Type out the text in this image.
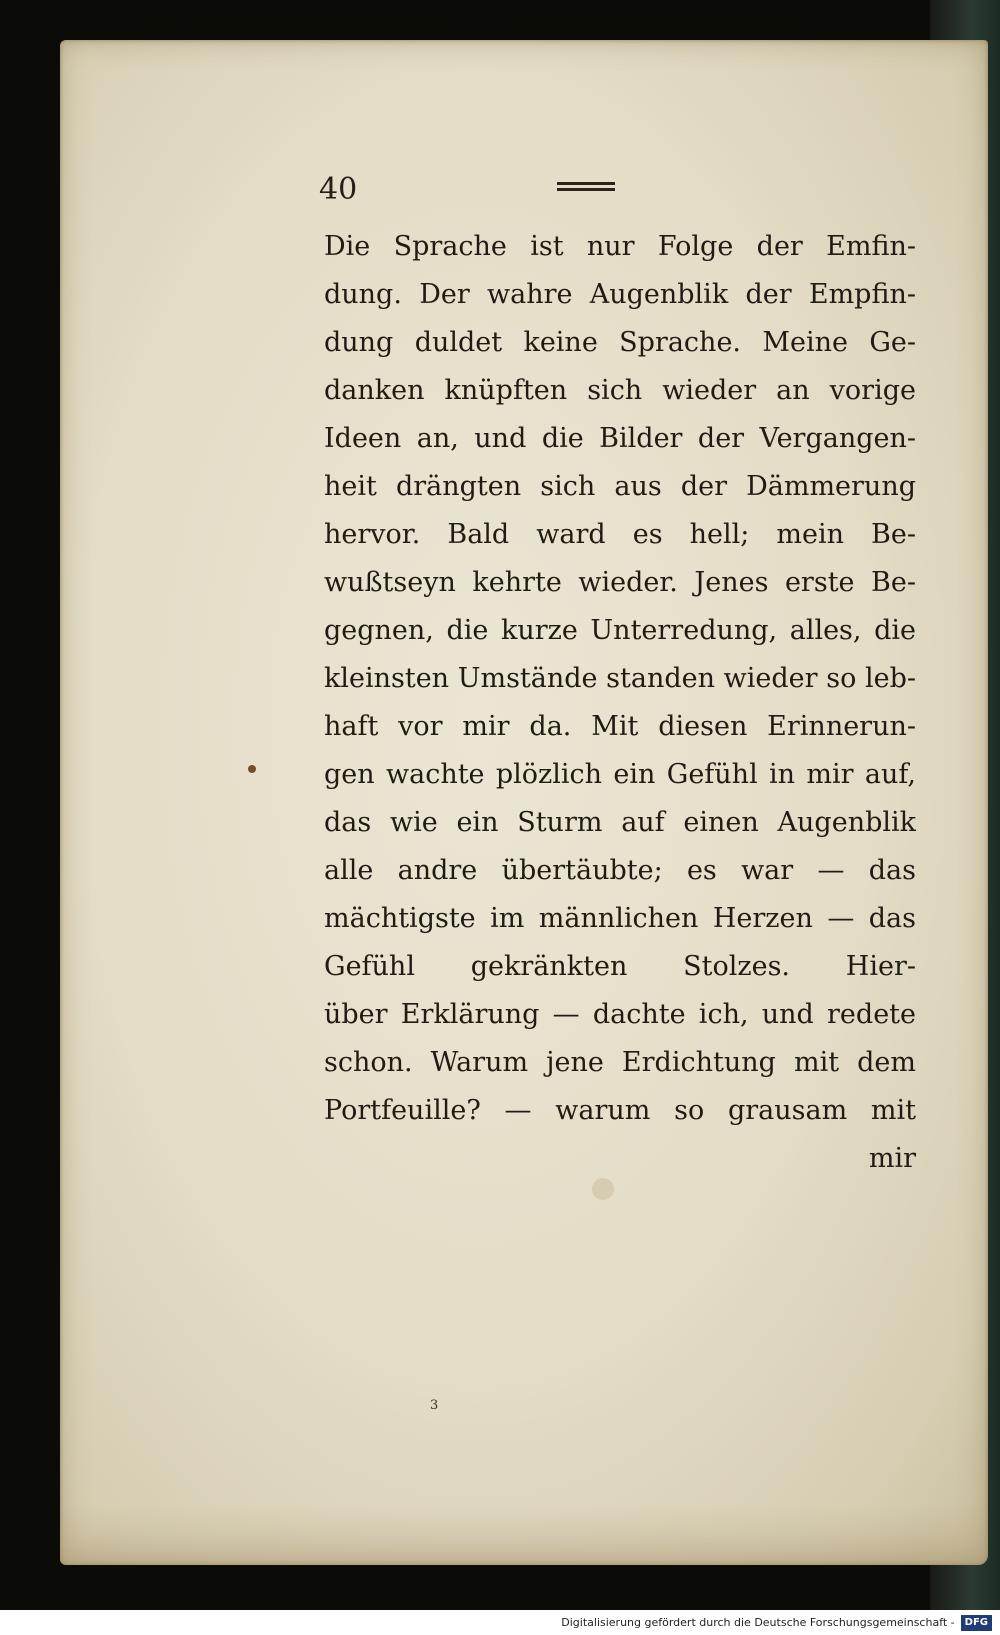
40
Die Sprache ist nur Folge der Emfin-
dung. Der wahre Augenblik der Empfin-
dung duldet keine Sprache. Meine Ge-
danken knüpften sich wieder an vorige
Ideen an, und die Bilder der Vergangen-
heit drängten sich aus der Dämmerung
hervor. Bald ward es hell; mein Be-
wußtseyn kehrte wieder. Jenes erste Be-
gegnen, die kurze Unterredung, alles, die
kleinsten Umstände standen wieder so leb-
haft vor mir da. Mit diesen Erinnerun-
gen wachte plözlich ein Gefühl in mir auf,
das wie ein Sturm auf einen Augenblik
alle andre übertäubte; es war — das
mächtigste im männlichen Herzen — das
Gefühl gekränkten Stolzes. Hier-
über Erklärung — dachte ich, und redete
schon. Warum jene Erdichtung mit dem
Portfeuille? — warum so grausam mit
mir
3
Digitalisierung gefördert durch die Deutsche Forschungsgemeinschaft - DFG
